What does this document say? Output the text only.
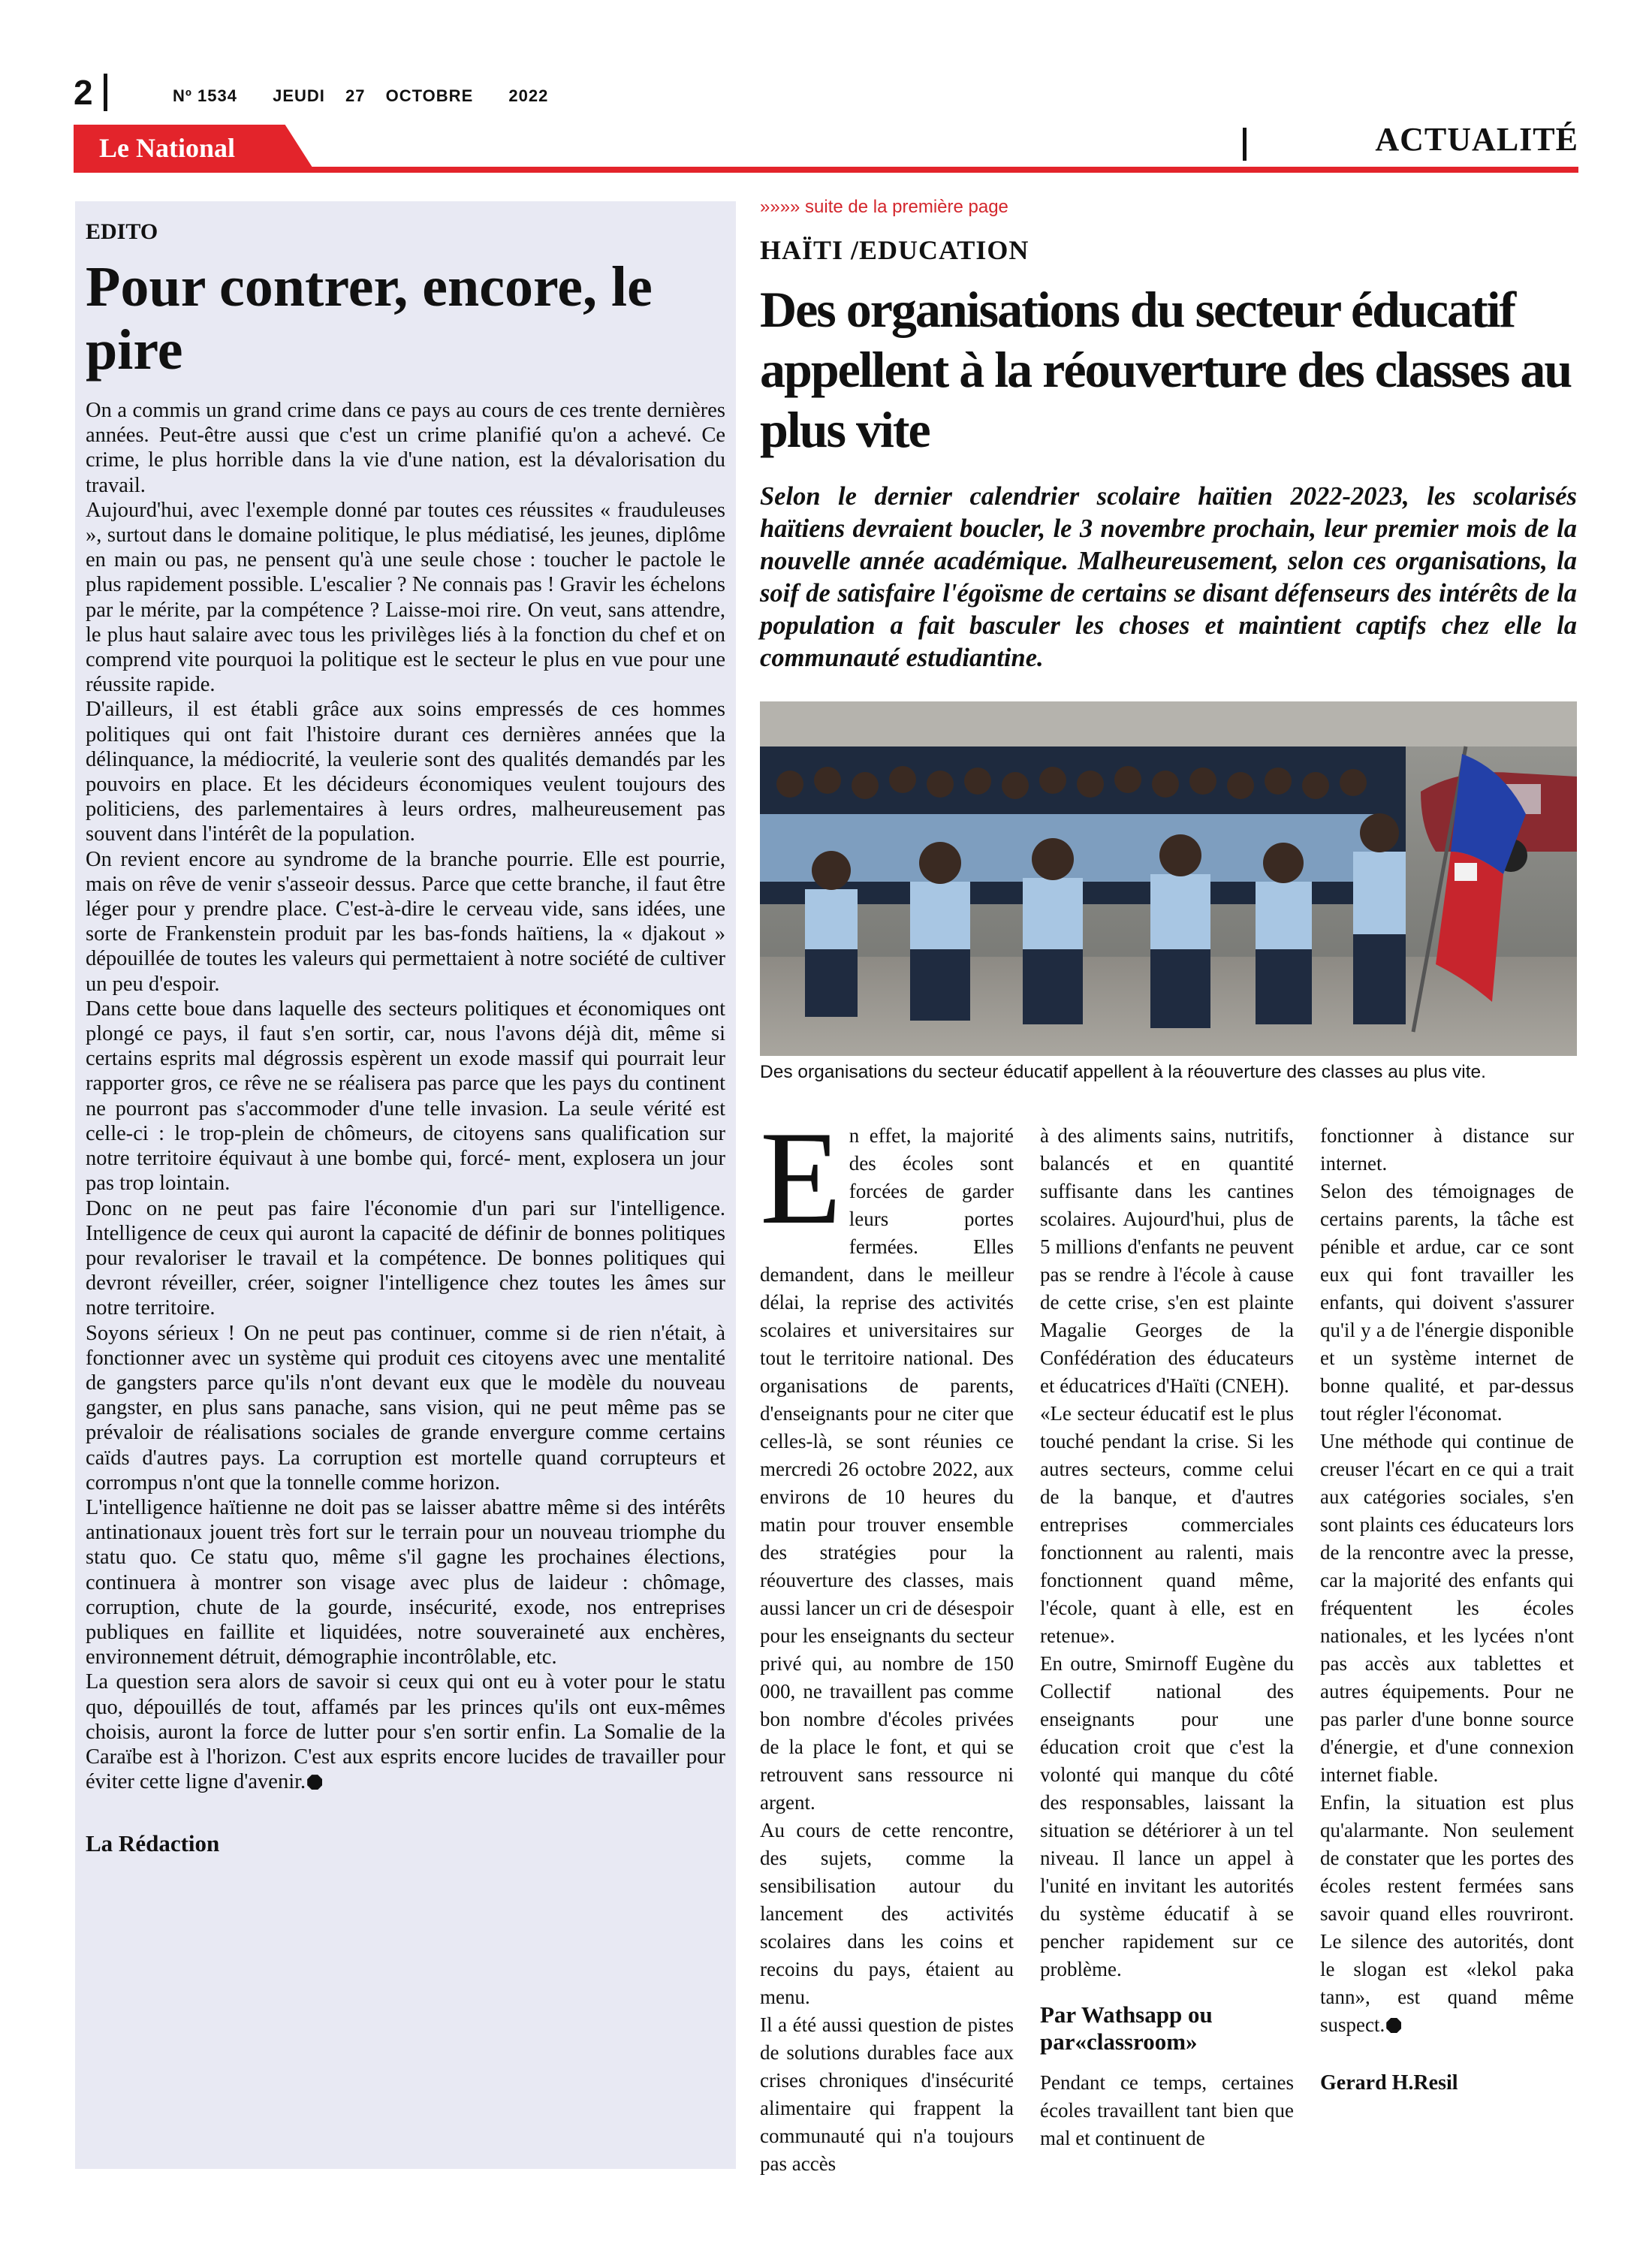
2	Nº 1534 JEUDI 27 OCTOBRE 2022
Le National	ACTUALITÉ
EDITO
Pour contrer, encore, le pire

On a commis un grand crime dans ce pays au cours de ces trente dernières années. Peut-être aussi que c'est un crime planifié qu'on a achevé. Ce crime, le plus horrible dans la vie d'une nation, est la dévalorisation du travail.

Aujourd'hui, avec l'exemple donné par toutes ces réussites « frauduleuses », surtout dans le domaine politique, le plus médiatisé, les jeunes, diplôme en main ou pas, ne pensent qu'à une seule chose : toucher le pactole le plus rapidement possible. L'escalier ? Ne connais pas ! Gravir les échelons par le mérite, par la compétence ? Laisse-moi rire. On veut, sans attendre, le plus haut salaire avec tous les privilèges liés à la fonction du chef et on comprend vite pourquoi la politique est le secteur le plus en vue pour une réussite rapide.

D'ailleurs, il est établi grâce aux soins empressés de ces hommes politiques qui ont fait l'histoire durant ces dernières années que la délinquance, la médiocrité, la veulerie sont des qualités demandés par les pouvoirs en place. Et les décideurs économiques veulent toujours des politiciens, des parlementaires à leurs ordres, malheureusement pas souvent dans l'intérêt de la population.

On revient encore au syndrome de la branche pourrie. Elle est pourrie, mais on rêve de venir s'asseoir dessus. Parce que cette branche, il faut être léger pour y prendre place. C'est-à-dire le cerveau vide, sans idées, une sorte de Frankenstein produit par les bas-fonds haïtiens, la « djakout » dépouillée de toutes les valeurs qui permettaient à notre société de cultiver un peu d'espoir.

Dans cette boue dans laquelle des secteurs politiques et économiques ont plongé ce pays, il faut s'en sortir, car, nous l'avons déjà dit, même si certains esprits mal dégrossis espèrent un exode massif qui pourrait leur rapporter gros, ce rêve ne se réalisera pas parce que les pays du continent ne pourront pas s'accommoder d'une telle invasion. La seule vérité est celle-ci : le trop-plein de chômeurs, de citoyens sans qualification sur notre territoire équivaut à une bombe qui, forcé- ment, explosera un jour pas trop lointain.

Donc on ne peut pas faire l'économie d'un pari sur l'intelligence. Intelligence de ceux qui auront la capacité de définir de bonnes politiques pour revaloriser le travail et la compétence. De bonnes politiques qui devront réveiller, créer, soigner l'intelligence chez toutes les âmes sur notre territoire.

Soyons sérieux ! On ne peut pas continuer, comme si de rien n'était, à fonctionner avec un système qui produit ces citoyens avec une mentalité de gangsters parce qu'ils n'ont devant eux que le modèle du nouveau gangster, en plus sans panache, sans vision, qui ne peut même pas se prévaloir de réalisations sociales de grande envergure comme certains caïds d'autres pays. La corruption est mortelle quand corrupteurs et corrompus n'ont que la tonnelle comme horizon.

L'intelligence haïtienne ne doit pas se laisser abattre même si des intérêts antinationaux jouent très fort sur le terrain pour un nouveau triomphe du statu quo. Ce statu quo, même s'il gagne les prochaines élections, continuera à montrer son visage avec plus de laideur : chômage, corruption, chute de la gourde, insécurité, exode, nos entreprises publiques en faillite et liquidées, notre souveraineté aux enchères, environnement détruit, démographie incontrôlable, etc.

La question sera alors de savoir si ceux qui ont eu à voter pour le statu quo, dépouillés de tout, affamés par les princes qu'ils ont eux-mêmes choisis, auront la force de lutter pour s'en sortir enfin. La Somalie de la Caraïbe est à l'horizon. C'est aux esprits encore lucides de travailler pour éviter cette ligne d'avenir.

La Rédaction
»»»» suite de la première page
HAÏTI /EDUCATION
Des organisations du secteur éducatif appellent à la réouverture des classes au plus vite
Selon le dernier calendrier scolaire haïtien 2022-2023, les scolarisés haïtiens devraient boucler, le 3 novembre prochain, leur premier mois de la nouvelle année académique. Malheureusement, selon ces organisations, la soif de satisfaire l'égoïsme de certains se disant défenseurs des intérêts de la population a fait basculer les choses et maintient captifs chez elle la communauté estudiantine.
Des organisations du secteur éducatif appellent à la réouverture des classes au plus vite.

En effet, la majorité des écoles sont forcées de garder leurs portes fermées. Elles demandent, dans le meilleur délai, la reprise des activités scolaires et universitaires sur tout le territoire national. Des organisations de parents, d'enseignants pour ne citer que celles-là, se sont réunies ce mercredi 26 octobre 2022, aux environs de 10 heures du matin pour trouver ensemble des stratégies pour la réouverture des classes, mais aussi lancer un cri de désespoir pour les enseignants du secteur privé qui, au nombre de 150 000, ne travaillent pas comme bon nombre d'écoles privées de la place le font, et qui se retrouvent sans ressource ni argent.

Au cours de cette rencontre, des sujets, comme la sensibilisation autour du lancement des activités scolaires dans les coins et recoins du pays, étaient au menu.

Il a été aussi question de pistes de solutions durables face aux crises chroniques d'insécurité alimentaire qui frappent la communauté qui n'a toujours pas accès

à des aliments sains, nutritifs, balancés et en quantité suffisante dans les cantines scolaires. Aujourd'hui, plus de 5 millions d'enfants ne peuvent pas se rendre à l'école à cause de cette crise, s'en est plainte Magalie Georges de la Confédération des éducateurs et éducatrices d'Haïti (CNEH).

«Le secteur éducatif est le plus touché pendant la crise. Si les autres secteurs, comme celui de la banque, et d'autres entreprises commerciales fonctionnent au ralenti, mais fonctionnent quand même, l'école, quant à elle, est en retenue».

En outre, Smirnoff Eugène du Collectif national des enseignants pour une éducation croit que c'est la volonté qui manque du côté des responsables, laissant la situation se détériorer à un tel niveau. Il lance un appel à l'unité en invitant les autorités du système éducatif à se pencher rapidement sur ce problème.

Par Wathsapp ou par«classroom»

Pendant ce temps, certaines écoles travaillent tant bien que mal et continuent de

fonctionner à distance sur internet.

Selon des témoignages de certains parents, la tâche est pénible et ardue, car ce sont eux qui font travailler les enfants, qui doivent s'assurer qu'il y a de l'énergie disponible et un système internet de bonne qualité, et par-dessus tout régler l'économat.

Une méthode qui continue de creuser l'écart en ce qui a trait aux catégories sociales, s'en sont plaints ces éducateurs lors de la rencontre avec la presse, car la majorité des enfants qui fréquentent les écoles nationales, et les lycées n'ont pas accès aux tablettes et autres équipements. Pour ne pas parler d'une bonne source d'énergie, et d'une connexion internet fiable.

Enfin, la situation est plus qu'alarmante. Non seulement de constater que les portes des écoles restent fermées sans savoir quand elles rouvriront. Le silence des autorités, dont le slogan est «lekol paka tann», est quand même suspect.

Gerard H.Resil
